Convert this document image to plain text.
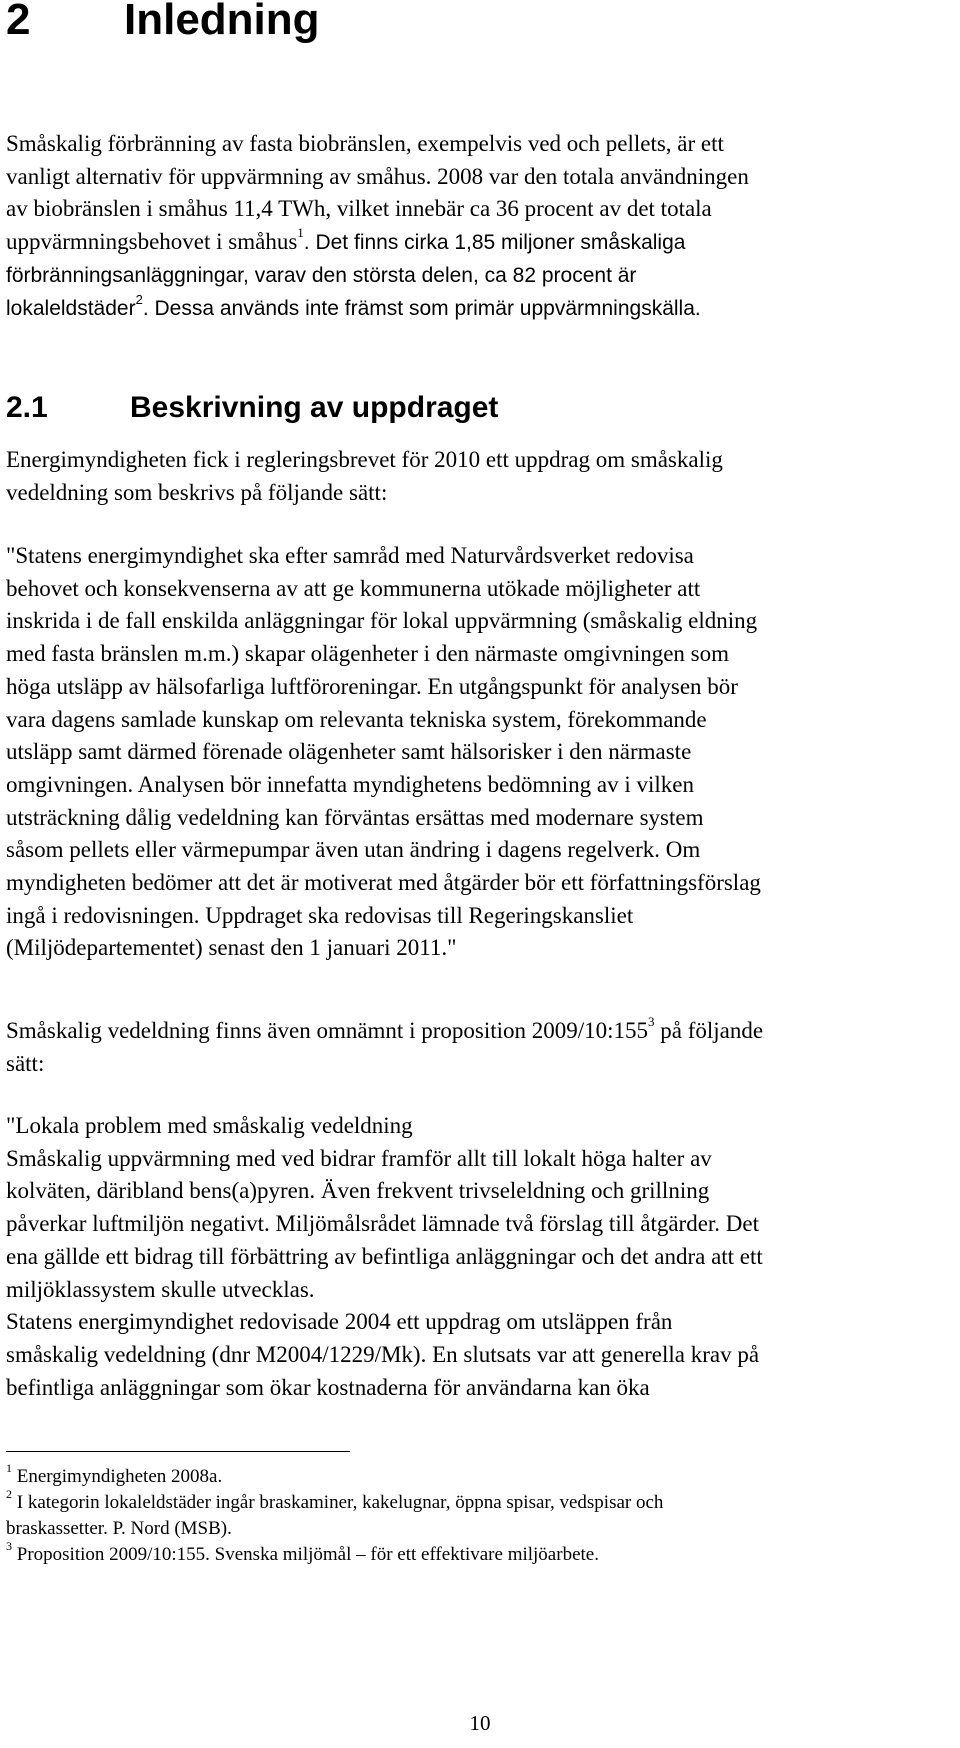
2 Inledning

Småskalig förbränning av fasta biobränslen, exempelvis ved och pellets, är ett
vanligt alternativ för uppvärmning av småhus. 2008 var den totala användningen
av biobränslen i småhus 11,4 TWh, vilket innebär ca 36 procent av det totala
uppvärmningsbehovet i småhus$^1$. Det finns cirka 1,85 miljoner småskaliga
förbränningsanläggningar, varav den största delen, ca 82 procent är
lokaleldstäder$^2$. Dessa används inte främst som primär uppvärmningskälla.

2.1	Beskrivning av uppdraget

Energimyndigheten fick i regleringsbrevet för 2010 ett uppdrag om småskalig
vedeldning som beskrivs på följande sätt:

"Statens energimyndighet ska efter samråd med Naturvårdsverket redovisa
behovet och konsekvenserna av att ge kommunerna utökade möjligheter att
inskrida i de fall enskilda anläggningar för lokal uppvärmning (småskalig eldning
med fasta bränslen m.m.) skapar olägenheter i den närmaste omgivningen som
höga utsläpp av hälsofarliga luftföroreningar. En utgångspunkt för analysen bör
vara dagens samlade kunskap om relevanta tekniska system, förekommande
utsläpp samt därmed förenade olägenheter samt hälsorisker i den närmaste
omgivningen. Analysen bör innefatta myndighetens bedömning av i vilken
utsträckning dålig vedeldning kan förväntas ersättas med modernare system
såsom pellets eller värmepumpar även utan ändring i dagens regelverk. Om
myndigheten bedömer att det är motiverat med åtgärder bör ett författningsförslag
ingå i redovisningen. Uppdraget ska redovisas till Regeringskansliet
(Miljödepartementet) senast den 1 januari 2011."

Småskalig vedeldning finns även omnämnt i proposition $2009/10:155^3$ på följande
sätt:

"Lokala problem med småskalig vedeldning
Småskalig uppvärmning med ved bidrar framför allt till lokalt höga halter av
kolväten, däribland bens(a)pyren. Även frekvent trivseleldning och grillning
påverkar luftmiljön negativt. Miljömålsrådet lämnade två förslag till åtgärder. Det
ena gällde ett bidrag till förbättring av befintliga anläggningar och det andra att ett
miljöklassystem skulle utvecklas.
Statens energimyndighet redovisade 2004 ett uppdrag om utsläppen från
småskalig vedeldning (dnr M2004/1229/Mk). En slutsats var att generella krav på
befintliga anläggningar som ökar kostnaderna för användarna kan öka

$^1$ Energimyndigheten 2008a.
$^2$ I kategorin lokaleldstäder ingår braskaminer, kakelugnar, öppna spisar, vedspisar och
braskassetter. P. Nord (MSB).
$^3$ Proposition 2009/10:155. Svenska miljömål – för ett effektivare miljöarbete.
10
